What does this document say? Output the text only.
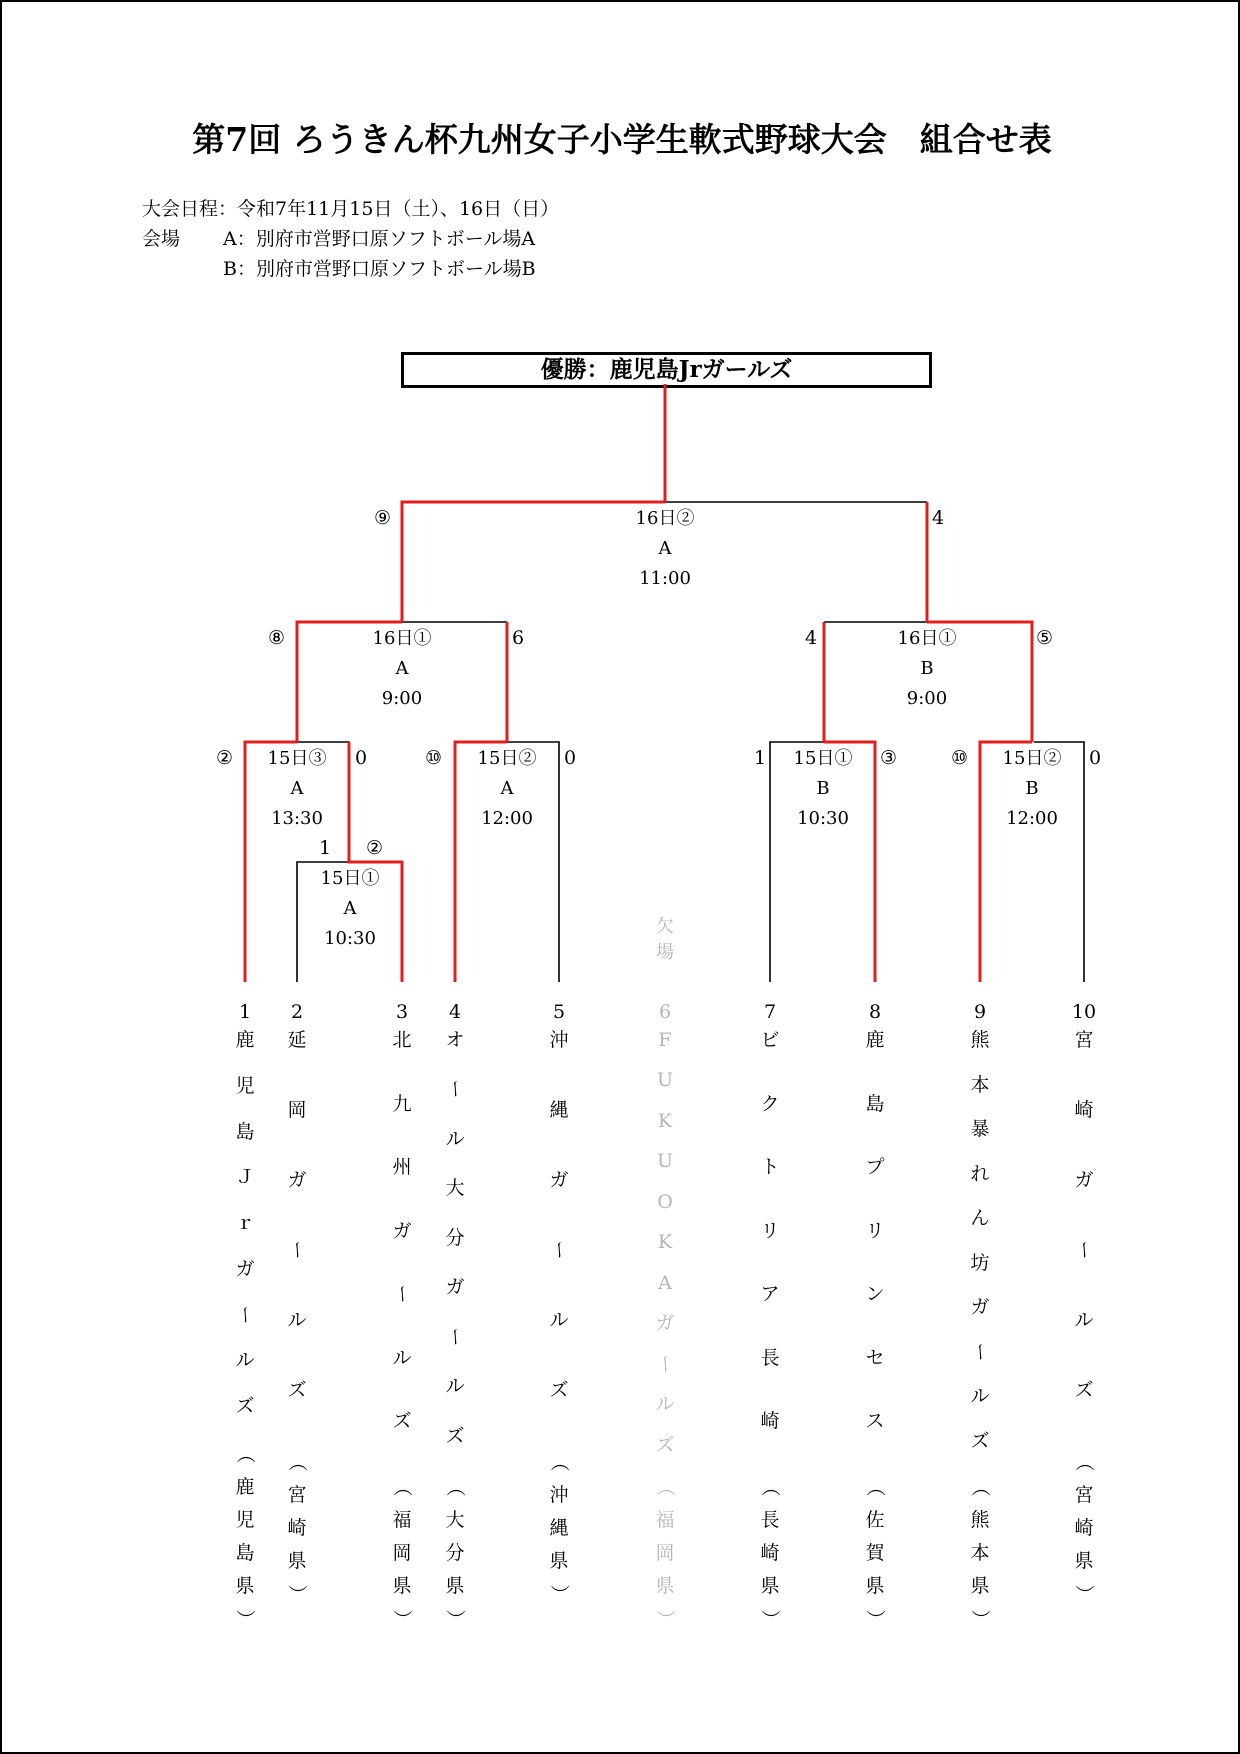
第7回 ろうきん杯九州女子小学生軟式野球大会　組合せ表
大会日程：令和7年11月15日（土）、16日（日）
会場 A：別府市営野口原ソフトボール場A
B：別府市営野口原ソフトボール場B
優勝：鹿児島Jrガールズ
16日②
A
11:00
16日①
A
9:00
16日①
B
9:00
15日③
A
13:30
15日②
A
12:00
15日①
B
10:30
15日②
B
12:00
15日①
A
10:30
⑨	4
⑧	6	4	⑤
②	0	⑩	0	1	③	⑩	0
1 ②
欠場
1
鹿
児
島
Ｊ
ｒ
ガ
ー
ル
ズ
（
鹿
児
島
県
）
2
延
岡
ガ
ー
ル
ズ
（
宮
崎
県
）
3
北
九
州
ガ
ー
ル
ズ
（
福
岡
県
）
4
オ
ー
ル
大
分
ガ
ー
ル
ズ
（
大
分
県
）
5
沖
縄
ガ
ー
ル
ズ
（
沖
縄
県
）
6
F
U
K
U
O
K
A
ガ
ー
ル
ズ
（
福
岡
県
）
7
ビ
ク
ト
リ
ア
長
崎
（
長
崎
県
）
8
鹿
島
プ
リ
ン
セ
ス
（
佐
賀
県
）
9
熊
本
暴
れ
ん
坊
ガ
ー
ル
ズ
（
熊
本
県
）
10
宮
崎
ガ
ー
ル
ズ
（
宮
崎
県
）
